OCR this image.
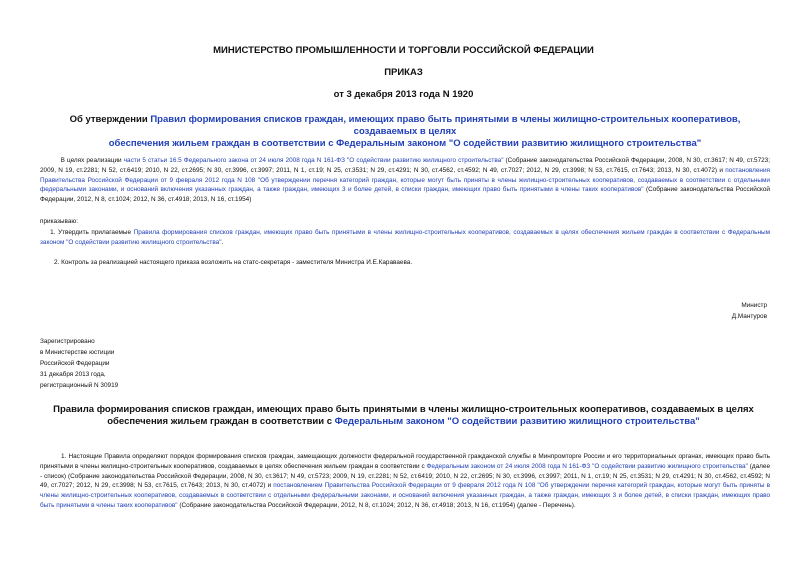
МИНИСТЕРСТВО ПРОМЫШЛЕННОСТИ И ТОРГОВЛИ РОССИЙСКОЙ ФЕДЕРАЦИИ

ПРИКАЗ

от 3 декабря 2013 года N 1920

Об утверждении Правил формирования списков граждан, имеющих право быть принятыми в члены жилищно-строительных кооперативов, создаваемых в целях
обеспечения жильем граждан в соответствии с Федеральным законом "О содействии развитию жилищного строительства"

В целях реализации части 5 статьи 16.5 Федерального закона от 24 июля 2008 года N 161-ФЗ "О содействии развитию жилищного строительства" (Собрание законодательства Российской Федерации, 2008, N 30, ст.3617; N 49, ст.5723; 2009, N 19, ст.2281; N 52, ст.6419; 2010, N 22, ст.2695; N 30, ст.3996, ст.3997; 2011, N 1, ст.19; N 25, ст.3531; N 29, ст.4291; N 30, ст.4562, ст.4592; N 49, ст.7027; 2012, N 29, ст.3998; N 53, ст.7615, ст.7643; 2013, N 30, ст.4072) и постановления Правительства Российской Федерации от 9 февраля 2012 года N 108 "Об утверждении перечня категорий граждан, которые могут быть приняты в члены жилищно-строительных кооперативов, создаваемых в соответствии с отдельными федеральными законами, и оснований включения указанных граждан, а также граждан, имеющих 3 и более детей, в списки граждан, имеющих право быть принятыми в члены таких кооперативов" (Собрание законодательства Российской Федерации, 2012, N 8, ст.1024; 2012, N 36, ст.4918; 2013, N 16, ст.1954)

приказываю:

1. Утвердить прилагаемые Правила формирования списков граждан, имеющих право быть принятыми в члены жилищно-строительных кооперативов, создаваемых в целях обеспечения жильем граждан в соответствии с Федеральным законом "О содействии развитию жилищного строительства".

2. Контроль за реализацией настоящего приказа возложить на статс-секретаря - заместителя Министра И.Е.Караваева.

Министр
Д.Мантуров
Зарегистрировано
в Министерстве юстиции
Российской Федерации
31 декабря 2013 года,
регистрационный N 30919
Правила формирования списков граждан, имеющих право быть принятыми в члены жилищно-строительных кооперативов, создаваемых в целях обеспечения жильем граждан в соответствии с Федеральным законом "О содействии развитию жилищного строительства"

1. Настоящие Правила определяют порядок формирования списков граждан, замещающих должности федеральной государственной гражданской службы в Минпромторге России и его территориальных органах, имеющих право быть принятыми в члены жилищно-строительных кооперативов, создаваемых в целях обеспечения жильем граждан в соответствии с Федеральным законом от 24 июля 2008 года N 161-ФЗ "О содействии развитию жилищного строительства" (далее - список) (Собрание законодательства Российской Федерации, 2008, N 30, ст.3617; N 49, ст.5723; 2009, N 19, ст.2281; N 52, ст.6419; 2010, N 22, ст.2695; N 30, ст.3996, ст.3997; 2011, N 1, ст.19; N 25, ст.3531; N 29, ст.4291; N 30, ст.4562, ст.4592; N 49, ст.7027; 2012, N 29, ст.3998; N 53, ст.7615, ст.7643; 2013, N 30, ст.4072) и постановлением Правительства Российской Федерации от 9 февраля 2012 года N 108 "Об утверждении перечня категорий граждан, которые могут быть приняты в члены жилищно-строительных кооперативов, создаваемых в соответствии с отдельными федеральными законами, и оснований включения указанных граждан, а также граждан, имеющих 3 и более детей, в списки граждан, имеющих право быть принятыми в члены таких кооперативов" (Собрание законодательства Российской Федерации, 2012, N 8, ст.1024; 2012, N 36, ст.4918; 2013, N 16, ст.1954) (далее - Перечень).
